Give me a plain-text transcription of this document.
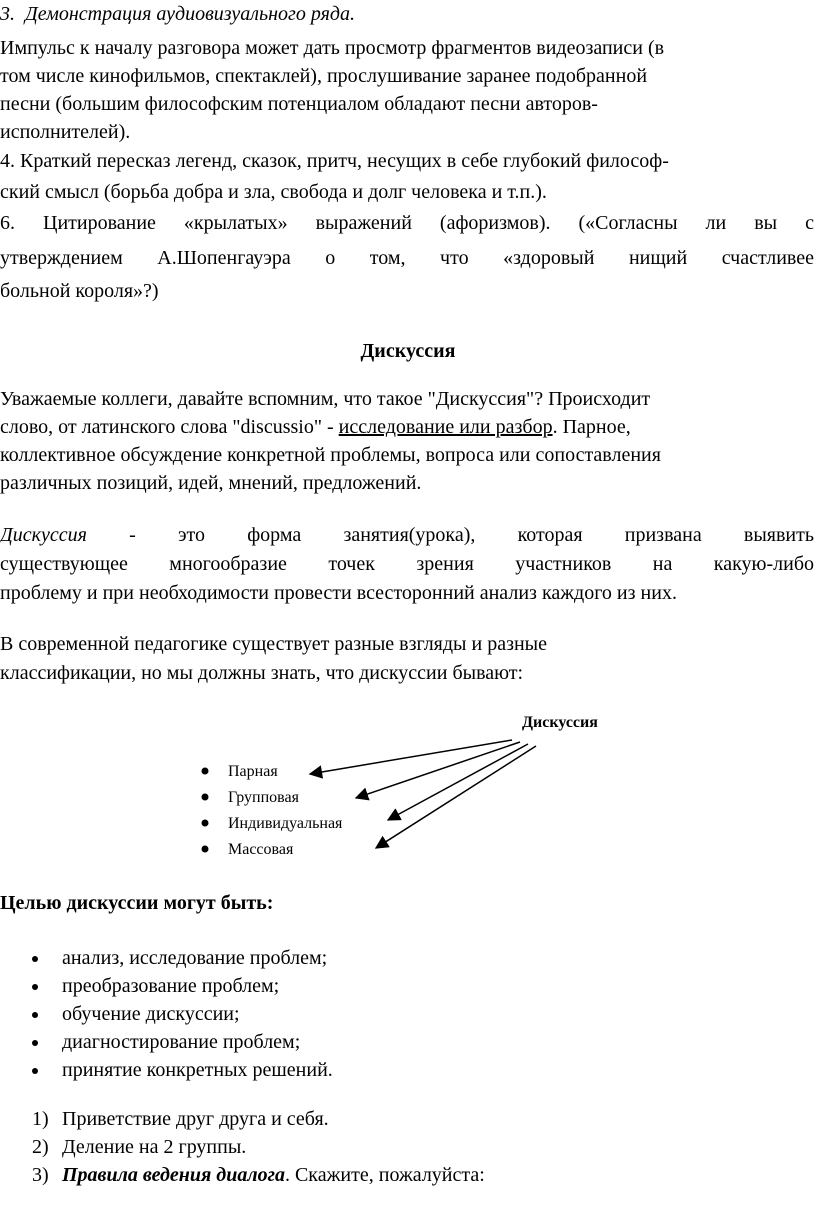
3. Демонстрация аудиовизуального ряда.
Импульс к началу разговора может дать просмотр фрагментов видеозаписи (в
том числе кинофильмов, спектаклей), прослушивание заранее подобранной
песни (большим философским потенциалом обладают песни авторов-
исполнителей).
4. Краткий пересказ легенд, сказок, притч, несущих в себе глубокий философ-
ский смысл (борьба добра и зла, свобода и долг человека и т.п.).
6. Цитирование «крылатых» выражений (афоризмов). («Согласны ли вы с
утверждением А.Шопенгауэра о том, что «здоровый нищий счастливее
больной короля»?)
Дискуссия
Уважаемые коллеги, давайте вспомним, что такое "Дискуссия"? Происходит
слово, от латинского слова "discussio" - исследование или разбор. Парное,
коллективное обсуждение конкретной проблемы, вопроса или сопоставления
различных позиций, идей, мнений, предложений.
Дискуссия - это форма занятия(урока), которая призвана выявить
существующее многообразие точек зрения участников на какую-либо
проблему и при необходимости провести всесторонний анализ каждого из них.
В современной педагогике существует разные взгляды и разные
классификации, но мы должны знать, что дискуссии бывают:
Дискуссия
Парная
Групповая
Индивидуальная
Массовая
Целью дискуссии могут быть:
анализ, исследование проблем;
преобразование проблем;
обучение дискуссии;
диагностирование проблем;
принятие конкретных решений.
1) Приветствие друг друга и себя.
2) Деление на 2 группы.
3) Правила ведения диалога. Скажите, пожалуйста:
